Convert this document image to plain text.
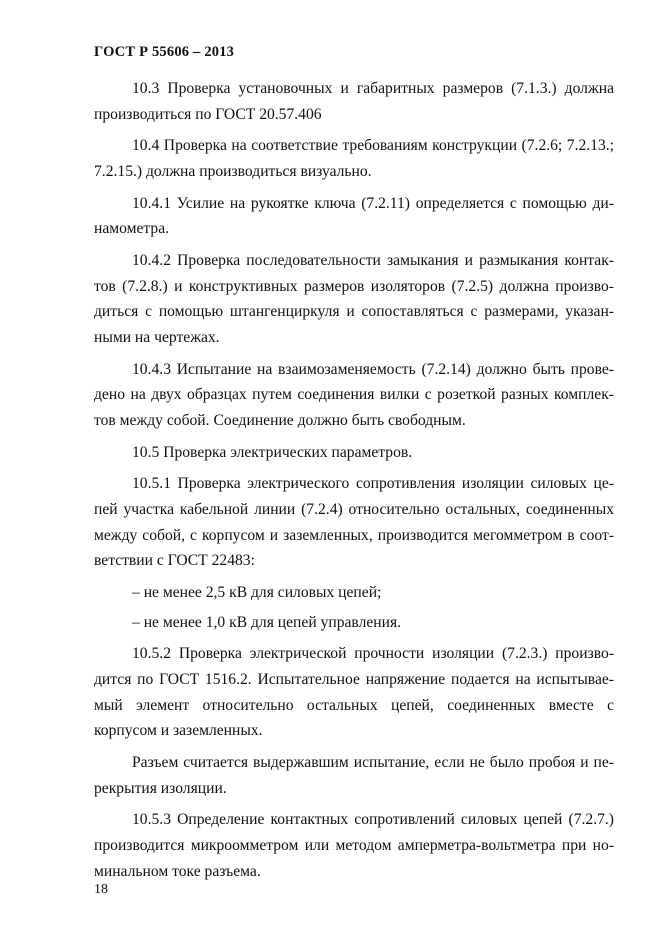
ГОСТ Р 55606 – 2013

10.3 Проверка установочных и габаритных размеров (7.1.3.) должна производиться по ГОСТ 20.57.406

10.4 Проверка на соответствие требованиям конструкции (7.2.6; 7.2.13.; 7.2.15.) должна производиться визуально.

10.4.1 Усилие на рукоятке ключа (7.2.11) определяется с помощью динамометра.

10.4.2 Проверка последовательности замыкания и размыкания контактов (7.2.8.) и конструктивных размеров изоляторов (7.2.5) должна производиться с помощью штангенциркуля и сопоставляться с размерами, указанными на чертежах.

10.4.3 Испытание на взаимозаменяемость (7.2.14) должно быть проведено на двух образцах путем соединения вилки с розеткой разных комплектов между собой. Соединение должно быть свободным.

10.5 Проверка электрических параметров.

10.5.1 Проверка электрического сопротивления изоляции силовых цепей участка кабельной линии (7.2.4) относительно остальных, соединенных между собой, с корпусом и заземленных, производится мегомметром в соответствии с ГОСТ 22483:

– не менее 2,5 кВ для силовых цепей;

– не менее 1,0 кВ для цепей управления.

10.5.2 Проверка электрической прочности изоляции (7.2.3.) производится по ГОСТ 1516.2. Испытательное напряжение подается на испытываемый элемент относительно остальных цепей, соединенных вместе с корпусом и заземленных.

Разъем считается выдержавшим испытание, если не было пробоя и перекрытия изоляции.

10.5.3 Определение контактных сопротивлений силовых цепей (7.2.7.) производится микроомметром или методом амперметра-вольтметра при номинальном токе разъема.

18
